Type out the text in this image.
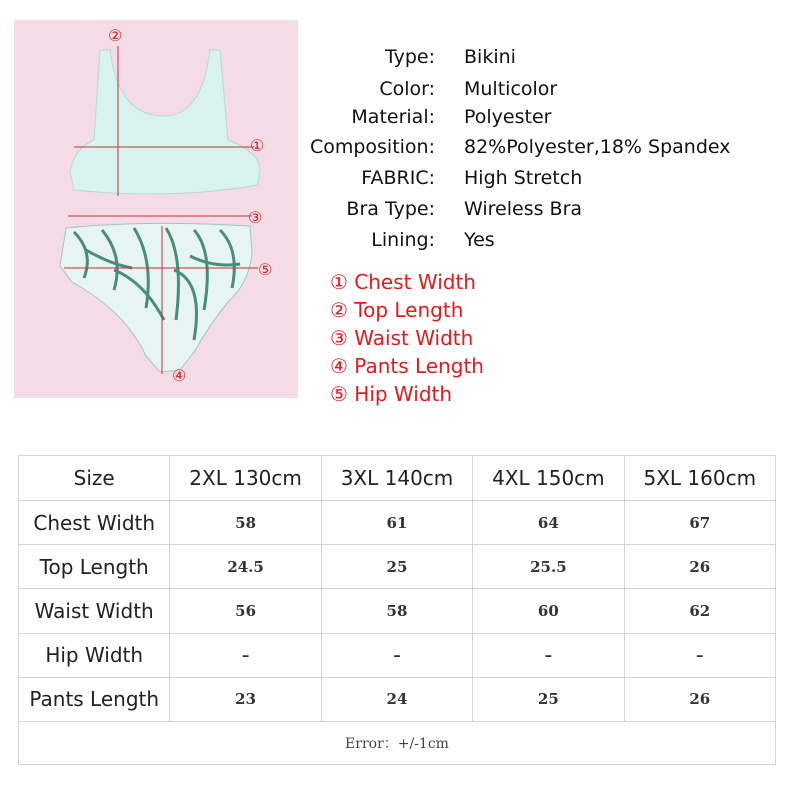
②
①
③
⑤
④
Type: Bikini
Color: Multicolor
Material: Polyester
Composition: 82%Polyester,18% Spandex
FABRIC: High Stretch
Bra Type: Wireless Bra
Lining: Yes
① Chest Width
② Top Length
③ Waist Width
④ Pants Length
⑤ Hip Width
Size	2XL 130cm	3XL 140cm	4XL 150cm	5XL 160cm
Chest Width	58	61	64	67
Top Length	24.5	25	25.5	26
Waist Width	56	58	60	62
Hip Width	–	–	–	–
Pants Length	23	24	25	26
Error：+/-1cm				
